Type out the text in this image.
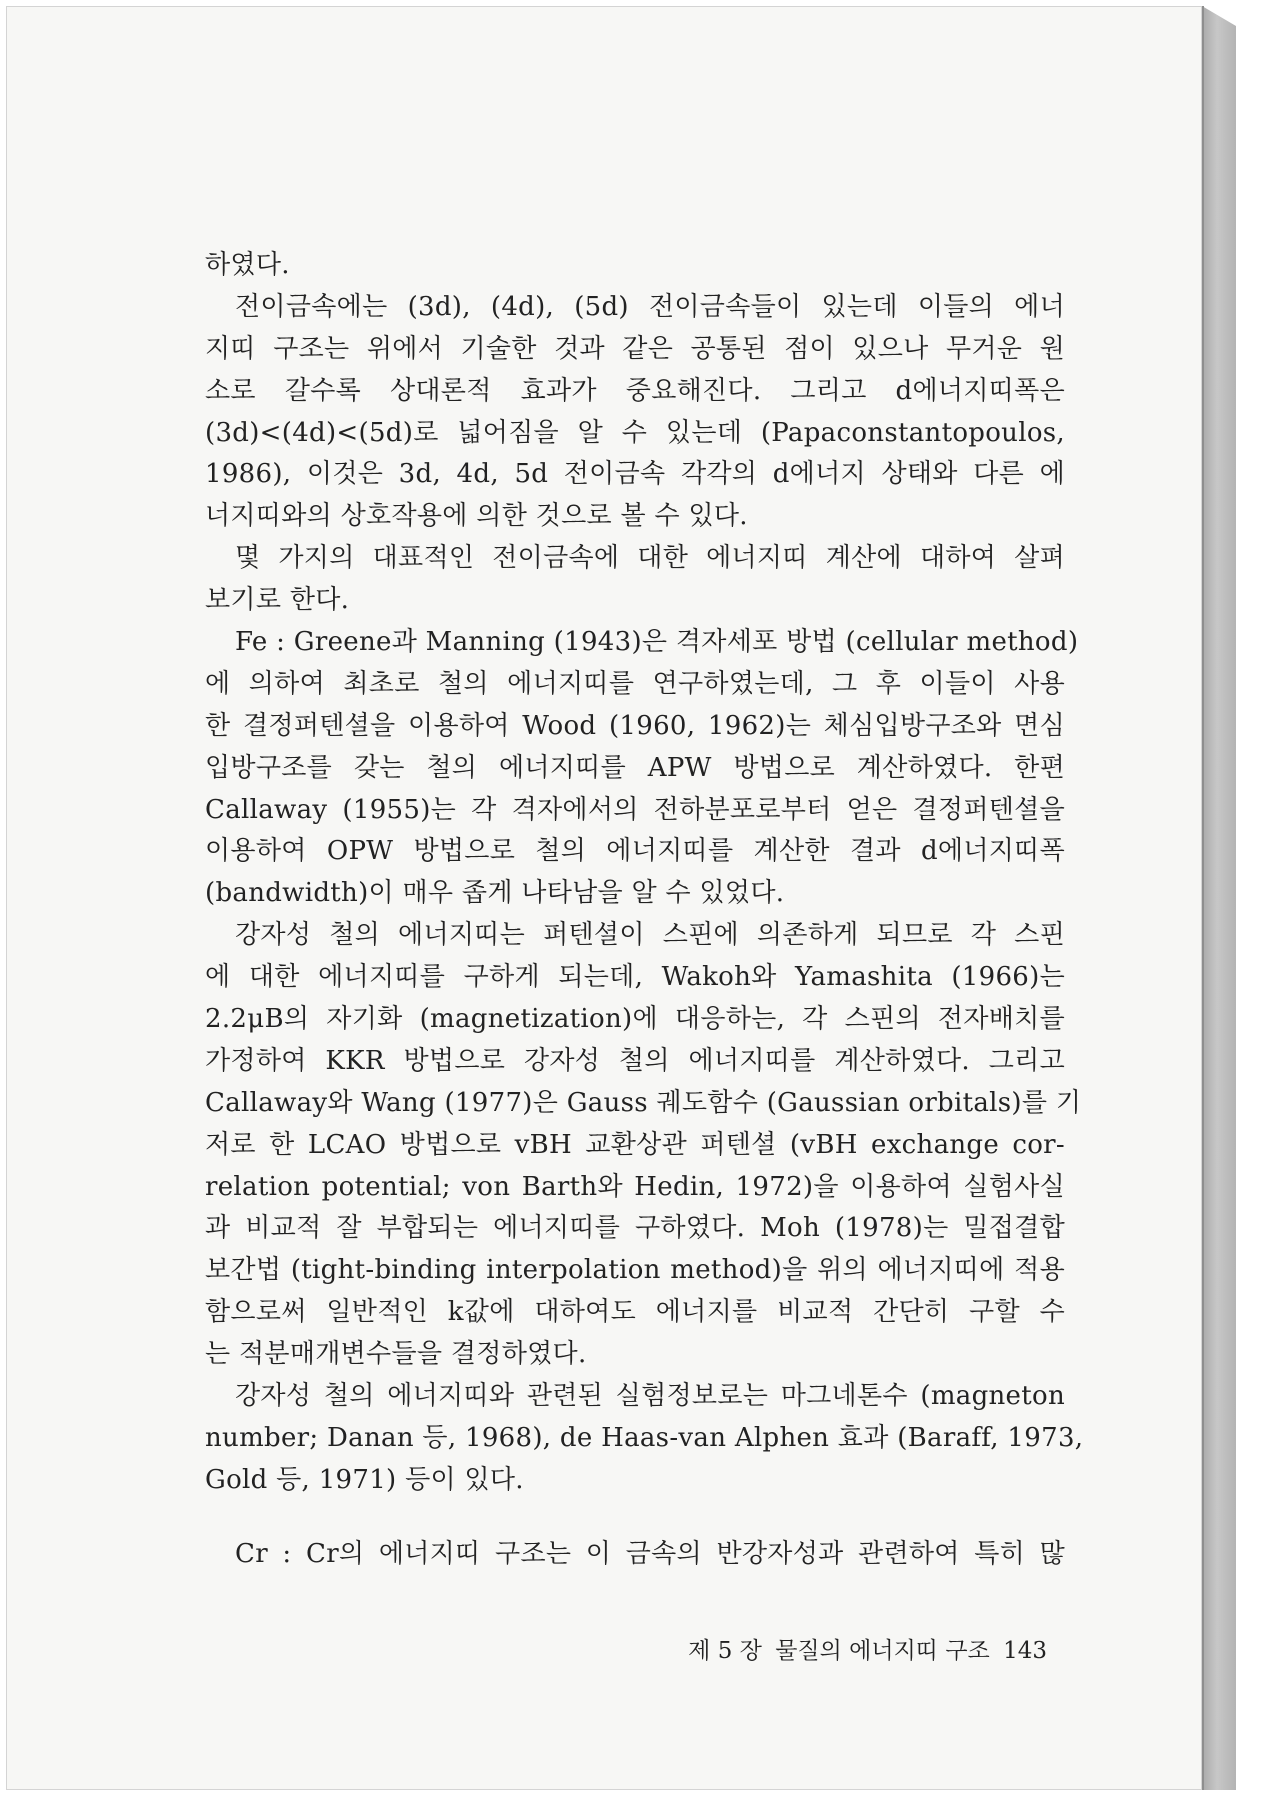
하였다.
전이금속에는 (3d), (4d), (5d) 전이금속들이 있는데 이들의 에너
지띠 구조는 위에서 기술한 것과 같은 공통된 점이 있으나 무거운 원
소로 갈수록 상대론적 효과가 중요해진다. 그리고 d에너지띠폭은
(3d)<(4d)<(5d)로 넓어짐을 알 수 있는데 (Papaconstantopoulos,
1986), 이것은 3d, 4d, 5d 전이금속 각각의 d에너지 상태와 다른 에
너지띠와의 상호작용에 의한 것으로 볼 수 있다.
몇 가지의 대표적인 전이금속에 대한 에너지띠 계산에 대하여 살펴
보기로 한다.
Fe : Greene과 Manning (1943)은 격자세포 방법 (cellular method)
에 의하여 최초로 철의 에너지띠를 연구하였는데, 그 후 이들이 사용
한 결정퍼텐셜을 이용하여 Wood (1960, 1962)는 체심입방구조와 면심
입방구조를 갖는 철의 에너지띠를 APW 방법으로 계산하였다. 한편
Callaway (1955)는 각 격자에서의 전하분포로부터 얻은 결정퍼텐셜을
이용하여 OPW 방법으로 철의 에너지띠를 계산한 결과 d에너지띠폭
(bandwidth)이 매우 좁게 나타남을 알 수 있었다.
강자성 철의 에너지띠는 퍼텐셜이 스핀에 의존하게 되므로 각 스핀
에 대한 에너지띠를 구하게 되는데, Wakoh와 Yamashita (1966)는
2.2μB의 자기화 (magnetization)에 대응하는, 각 스핀의 전자배치를
가정하여 KKR 방법으로 강자성 철의 에너지띠를 계산하였다. 그리고
Callaway와 Wang (1977)은 Gauss 궤도함수 (Gaussian orbitals)를 기
저로 한 LCAO 방법으로 vBH 교환상관 퍼텐셜 (vBH exchange cor-
relation potential; von Barth와 Hedin, 1972)을 이용하여 실험사실
과 비교적 잘 부합되는 에너지띠를 구하였다. Moh (1978)는 밀접결합
보간법 (tight-binding interpolation method)을 위의 에너지띠에 적용
함으로써 일반적인 k값에 대하여도 에너지를 비교적 간단히 구할 수
는 적분매개변수들을 결정하였다.
강자성 철의 에너지띠와 관련된 실험정보로는 마그네톤수 (magneton
number; Danan 등, 1968), de Haas-van Alphen 효과 (Baraff, 1973,
Gold 등, 1971) 등이 있다.
Cr : Cr의 에너지띠 구조는 이 금속의 반강자성과 관련하여 특히 많
제 5 장 물질의 에너지띠 구조 143
